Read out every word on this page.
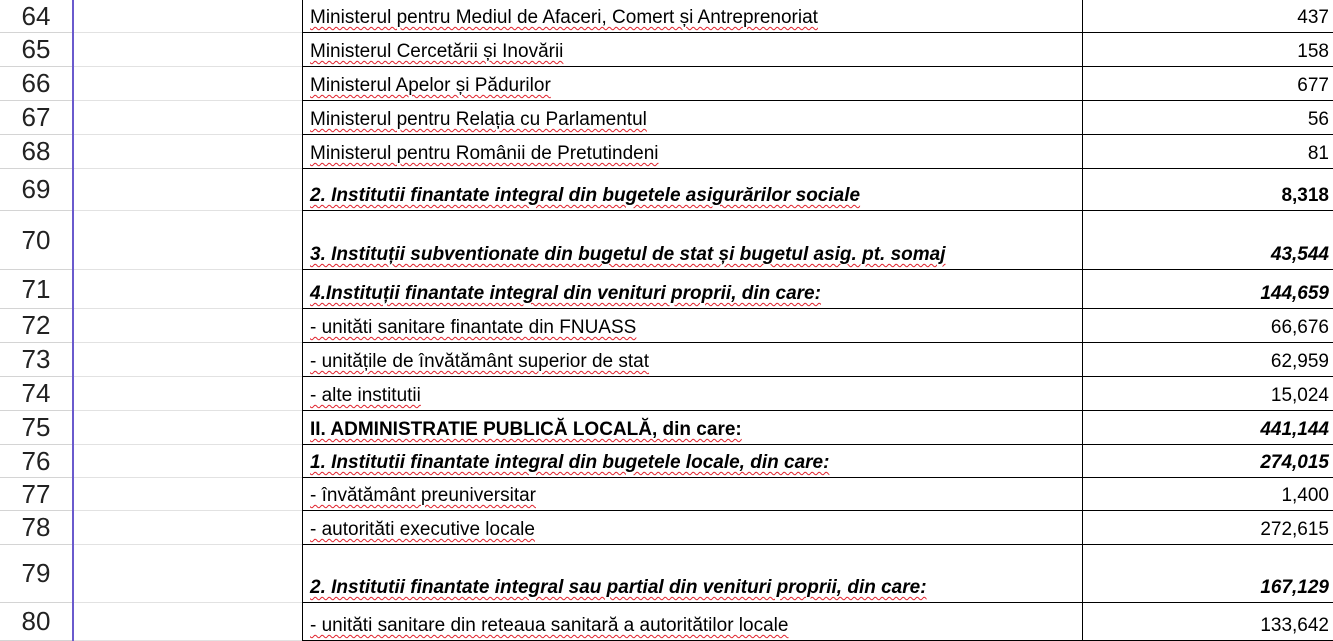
64	Ministerul pentru Mediul de Afaceri, Comert și Antreprenoriat	437
65	Ministerul Cercetării și Inovării	158
66	Ministerul Apelor și Pădurilor	677
67	Ministerul pentru Relația cu Parlamentul	56
68	Ministerul pentru Românii de Pretutindeni	81
69	2. Institutii finantate integral din bugetele asigurărilor sociale	8,318
70	3. Instituții subventionate din bugetul de stat și bugetul asig. pt. somaj	43,544
71	4.Instituții finantate integral din venituri proprii, din care:	144,659
72	- unităti sanitare finantate din FNUASS	66,676
73	- unitățile de învătământ superior de stat	62,959
74	- alte institutii	15,024
75	II. ADMINISTRATIE PUBLICĂ LOCALĂ, din care:	441,144
76	1. Institutii finantate integral din bugetele locale, din care:	274,015
77	- învătământ preuniversitar	1,400
78	- autorităti executive locale	272,615
79	2. Institutii finantate integral sau partial din venituri proprii, din care:	167,129
80	- unităti sanitare din reteaua sanitară a autoritătilor locale	133,642
